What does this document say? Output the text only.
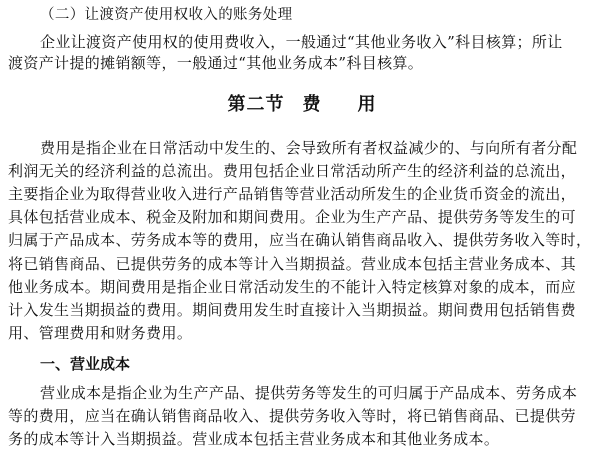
（二）让渡资产使用权收入的账务处理
企业让渡资产使用权的使用费收入，一般通过“其他业务收入”科目核算；所让
渡资产计提的摊销额等，一般通过“其他业务成本”科目核算。
第二节 费 用
费用是指企业在日常活动中发生的、会导致所有者权益减少的、与向所有者分配
利润无关的经济利益的总流出。费用包括企业日常活动所产生的经济利益的总流出，
主要指企业为取得营业收入进行产品销售等营业活动所发生的企业货币资金的流出，
具体包括营业成本、税金及附加和期间费用。企业为生产产品、提供劳务等发生的可
归属于产品成本、劳务成本等的费用，应当在确认销售商品收入、提供劳务收入等时，
将已销售商品、已提供劳务的成本等计入当期损益。营业成本包括主营业务成本、其
他业务成本。期间费用是指企业日常活动发生的不能计入特定核算对象的成本，而应
计入发生当期损益的费用。期间费用发生时直接计入当期损益。期间费用包括销售费
用、管理费用和财务费用。
一、营业成本
营业成本是指企业为生产产品、提供劳务等发生的可归属于产品成本、劳务成本
等的费用，应当在确认销售商品收入、提供劳务收入等时，将已销售商品、已提供劳
务的成本等计入当期损益。营业成本包括主营业务成本和其他业务成本。
